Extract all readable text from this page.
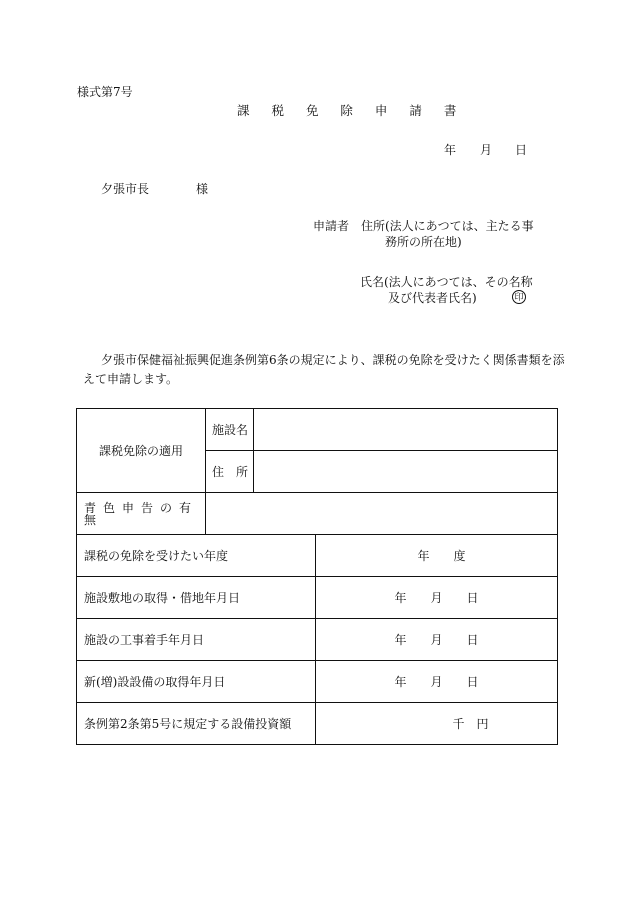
様式第7号
課 税 免 除 申 請 書
年 月 日
夕張市長	様
申請者 住所(法人にあつては、主たる事
務所の所在地)
氏名(法人にあつては、その名称
及び代表者氏名)	印
夕張市保健福祉振興促進条例第6条の規定により、課税の免除を受けたく関係書類を添
えて申請します。
課税免除の適用	施設名		
	住　所		
青色申告の有無			
課税の免除を受けたい年度			年　　度
施設敷地の取得・借地年月日			年　　月　　日
施設の工事着手年月日			年　　月　　日
新(増)設設備の取得年月日			年　　月　　日
条例第2条第5号に規定する設備投資額			千　円
